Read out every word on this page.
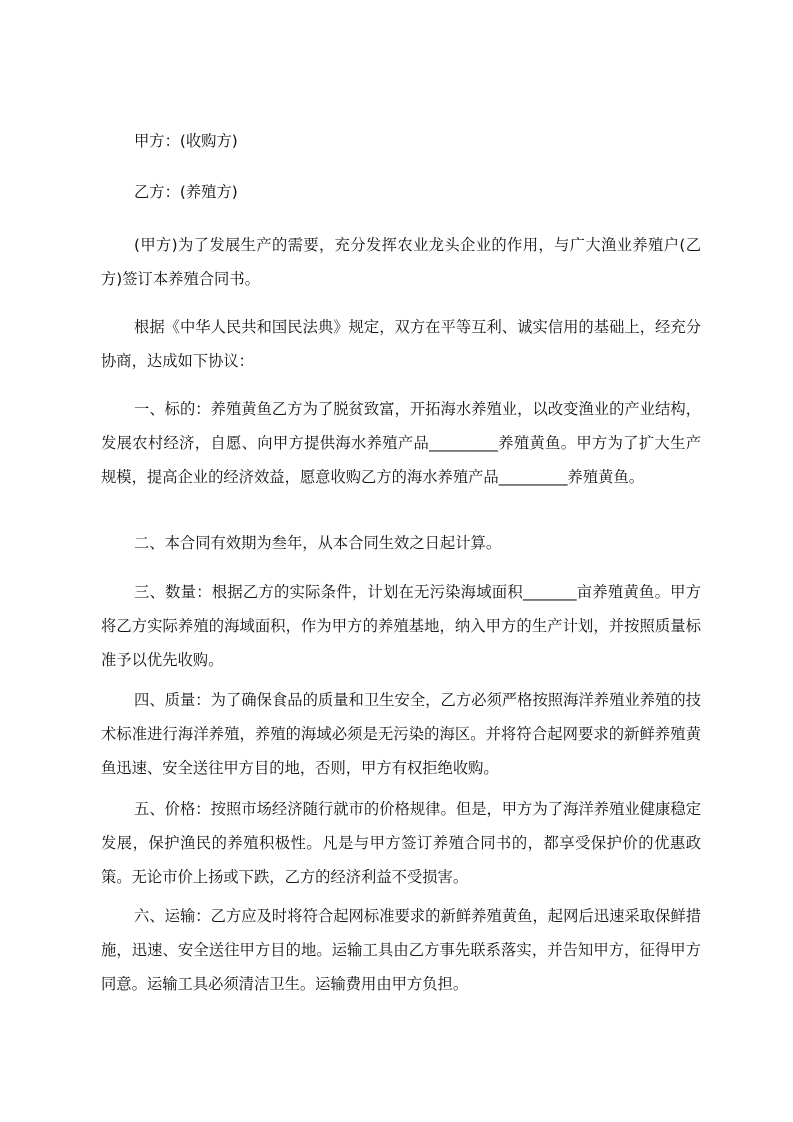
甲方：(收购方)

乙方：(养殖方)

(甲方)为了发展生产的需要，充分发挥农业龙头企业的作用，与广大渔业养殖户(乙方)签订本养殖合同书。

根据《中华人民共和国民法典》规定，双方在平等互利、诚实信用的基础上，经充分协商，达成如下协议：

一、标的：养殖黄鱼乙方为了脱贫致富，开拓海水养殖业，以改变渔业的产业结构，发展农村经济，自愿、向甲方提供海水养殖产品_________养殖黄鱼。甲方为了扩大生产规模，提高企业的经济效益，愿意收购乙方的海水养殖产品_________养殖黄鱼。

二、本合同有效期为叁年，从本合同生效之日起计算。

三、数量：根据乙方的实际条件，计划在无污染海域面积_______亩养殖黄鱼。甲方将乙方实际养殖的海域面积，作为甲方的养殖基地，纳入甲方的生产计划，并按照质量标准予以优先收购。

四、质量：为了确保食品的质量和卫生安全，乙方必须严格按照海洋养殖业养殖的技术标准进行海洋养殖，养殖的海域必须是无污染的海区。并将符合起网要求的新鲜养殖黄鱼迅速、安全送往甲方目的地，否则，甲方有权拒绝收购。

五、价格：按照市场经济随行就市的价格规律。但是，甲方为了海洋养殖业健康稳定发展，保护渔民的养殖积极性。凡是与甲方签订养殖合同书的，都享受保护价的优惠政策。无论市价上扬或下跌，乙方的经济利益不受损害。

六、运输：乙方应及时将符合起网标准要求的新鲜养殖黄鱼，起网后迅速采取保鲜措施，迅速、安全送往甲方目的地。运输工具由乙方事先联系落实，并告知甲方，征得甲方同意。运输工具必须清洁卫生。运输费用由甲方负担。
